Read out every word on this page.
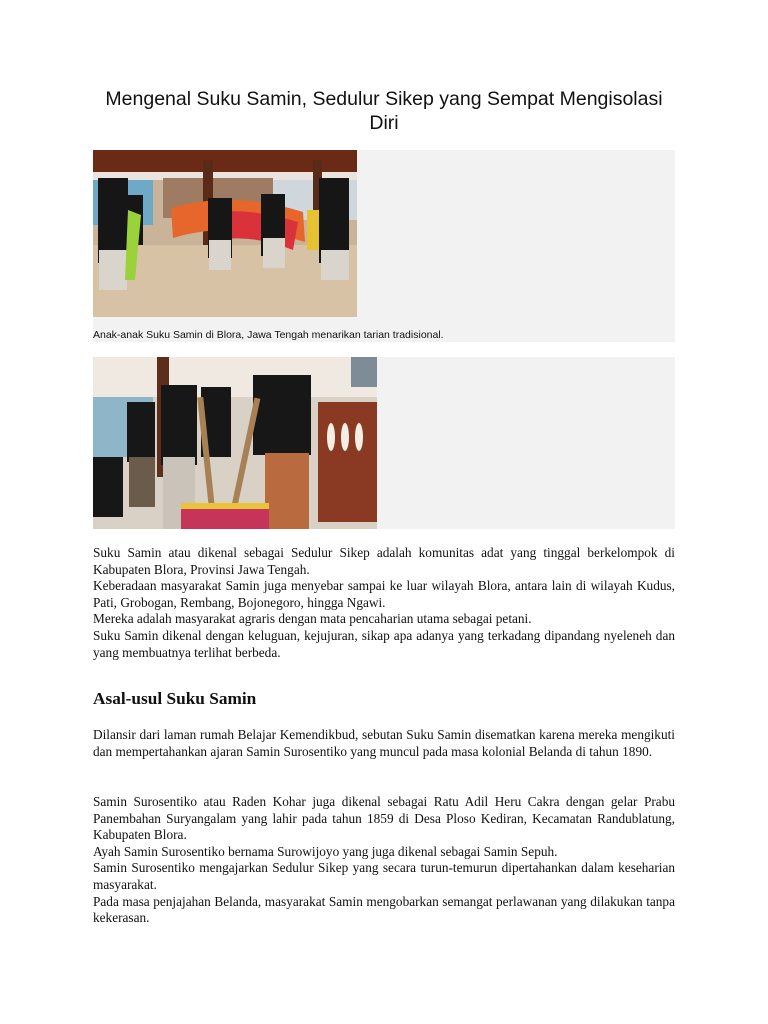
Mengenal Suku Samin, Sedulur Sikep yang Sempat Mengisolasi Diri
Anak-anak Suku Samin di Blora, Jawa Tengah menarikan tarian tradisional.

Suku Samin atau dikenal sebagai Sedulur Sikep adalah komunitas adat yang tinggal berkelompok di Kabupaten Blora, Provinsi Jawa Tengah.

Keberadaan masyarakat Samin juga menyebar sampai ke luar wilayah Blora, antara lain di wilayah Kudus, Pati, Grobogan, Rembang, Bojonegoro, hingga Ngawi.

Mereka adalah masyarakat agraris dengan mata pencaharian utama sebagai petani.

Suku Samin dikenal dengan keluguan, kejujuran, sikap apa adanya yang terkadang dipandang nyeleneh dan yang membuatnya terlihat berbeda.

Asal-usul Suku Samin

Dilansir dari laman rumah Belajar Kemendikbud, sebutan Suku Samin disematkan karena mereka mengikuti dan mempertahankan ajaran Samin Surosentiko yang muncul pada masa kolonial Belanda di tahun 1890.

Samin Surosentiko atau Raden Kohar juga dikenal sebagai Ratu Adil Heru Cakra dengan gelar Prabu Panembahan Suryangalam yang lahir pada tahun 1859 di Desa Ploso Kediran, Kecamatan Randublatung, Kabupaten Blora.

Ayah Samin Surosentiko bernama Surowijoyo yang juga dikenal sebagai Samin Sepuh.

Samin Surosentiko mengajarkan Sedulur Sikep yang secara turun-temurun dipertahankan dalam keseharian masyarakat.

Pada masa penjajahan Belanda, masyarakat Samin mengobarkan semangat perlawanan yang dilakukan tanpa kekerasan.
